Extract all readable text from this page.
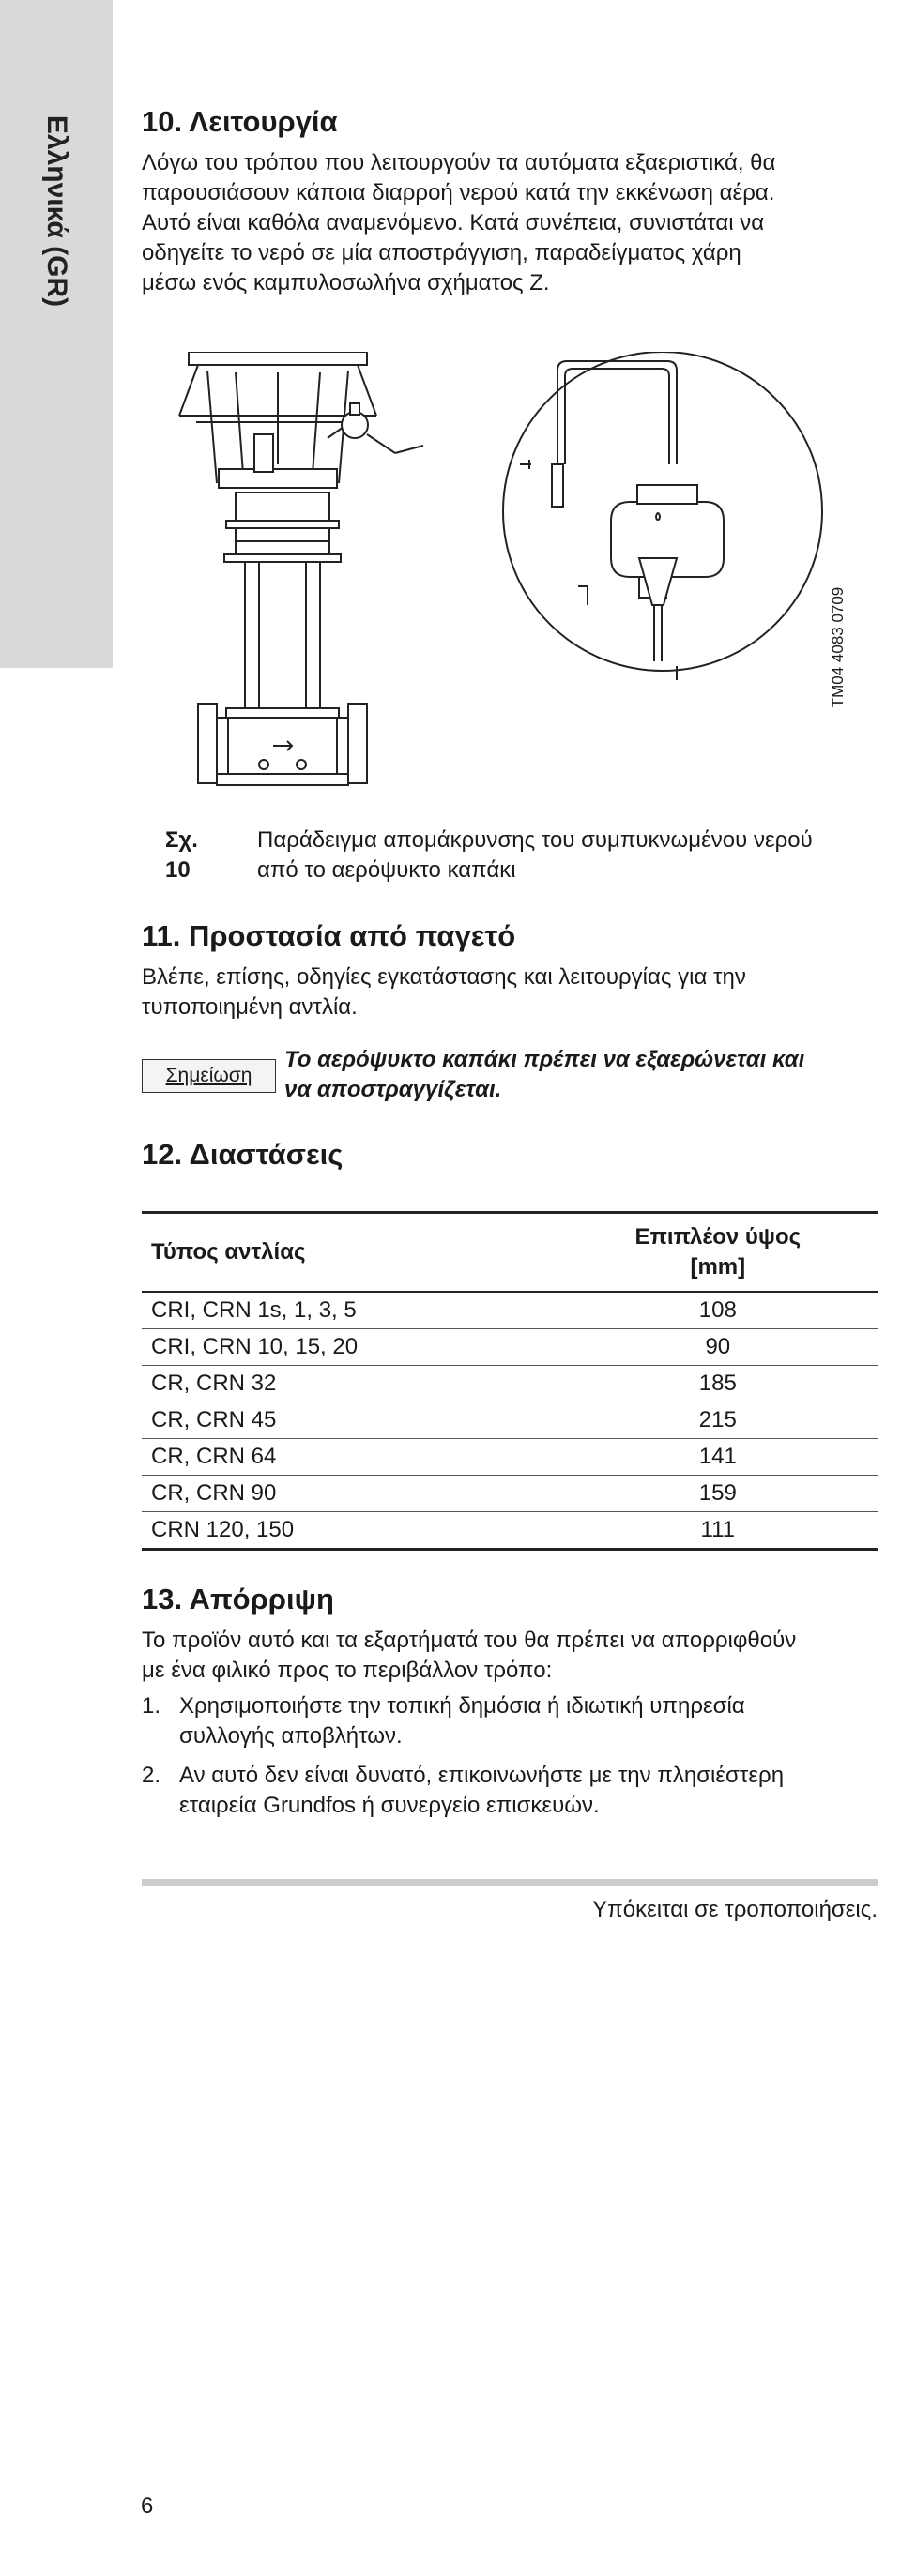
Ελληνικά (GR) 10. Λειτουργία

Λόγω του τρόπου που λειτουργούν τα αυτόματα εξαεριστικά, θα
παρουσιάσουν κάποια διαρροή νερού κατά την εκκένωση αέρα.
Αυτό είναι καθόλα αναμενόμενο. Κατά συνέπεια, συνιστάται να
οδηγείτε το νερό σε μία αποστράγγιση, παραδείγματος χάρη
μέσω ενός καμπυλοσωλήνα σχήματος Ζ.

TM04 4083 0709
Σχ. 10
Παράδειγμα απομάκρυνσης του συμπυκνωμένου νερού
από το αερόψυκτο καπάκι
11. Προστασία από παγετό

Βλέπε, επίσης, οδηγίες εγκατάστασης και λειτουργίας για την
τυποποιημένη αντλία.

Σημείωση
Το αερόψυκτο καπάκι πρέπει να εξαερώνεται και
να αποστραγγίζεται.
12. Διαστάσεις
Τύπος αντλίας	Επιπλέον ύψος
[mm]
CRI, CRN 1s, 1, 3, 5	108
CRI, CRN 10, 15, 20	90
CR, CRN 32	185
CR, CRN 45	215
CR, CRN 64	141
CR, CRN 90	159
CRN 120, 150	111
13. Απόρριψη

Το προϊόν αυτό και τα εξαρτήματά του θα πρέπει να απορριφθούν
με ένα φιλικό προς το περιβάλλον τρόπο:

1. Χρησιμοποιήστε την τοπική δημόσια ή ιδιωτική υπηρεσία
συλλογής αποβλήτων.
2. Αν αυτό δεν είναι δυνατό, επικοινωνήστε με την πλησιέστερη
εταιρεία Grundfos ή συνεργείο επισκευών.
Υπόκειται σε τροποποιήσεις.
6
